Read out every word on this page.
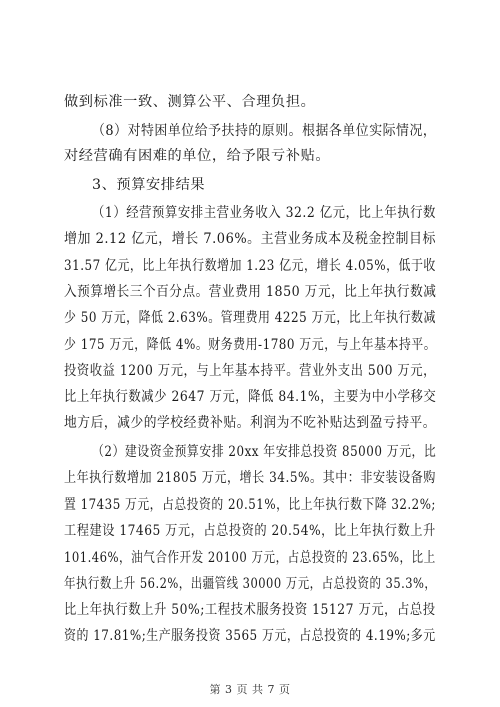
做到标准一致、测算公平、合理负担。
（8）对特困单位给予扶持的原则。根据各单位实际情况，
对经营确有困难的单位，给予限亏补贴。
3、预算安排结果
（1）经营预算安排主营业务收入 32.2 亿元，比上年执行数
增加 2.12 亿元，增长 7.06%。主营业务成本及税金控制目标
31.57 亿元，比上年执行数增加 1.23 亿元，增长 4.05%，低于收
入预算增长三个百分点。营业费用 1850 万元，比上年执行数减
少 50 万元，降低 2.63%。管理费用 4225 万元，比上年执行数减
少 175 万元，降低 4%。财务费用-1780 万元，与上年基本持平。
投资收益 1200 万元，与上年基本持平。营业外支出 500 万元，
比上年执行数减少 2647 万元，降低 84.1%，主要为中小学移交
地方后，减少的学校经费补贴。利润为不吃补贴达到盈亏持平。
（2）建设资金预算安排 20xx 年安排总投资 85000 万元，比
上年执行数增加 21805 万元，增长 34.5%。其中：非安装设备购
置 17435 万元，占总投资的 20.51%，比上年执行数下降 32.2%;
工程建设 17465 万元，占总投资的 20.54%，比上年执行数上升
101.46%，油气合作开发 20100 万元，占总投资的 23.65%，比上
年执行数上升 56.2%，出疆管线 30000 万元，占总投资的 35.3%，
比上年执行数上升 50%;工程技术服务投资 15127 万元，占总投
资的 17.81%;生产服务投资 3565 万元，占总投资的 4.19%;多元
第 3 页 共 7 页
